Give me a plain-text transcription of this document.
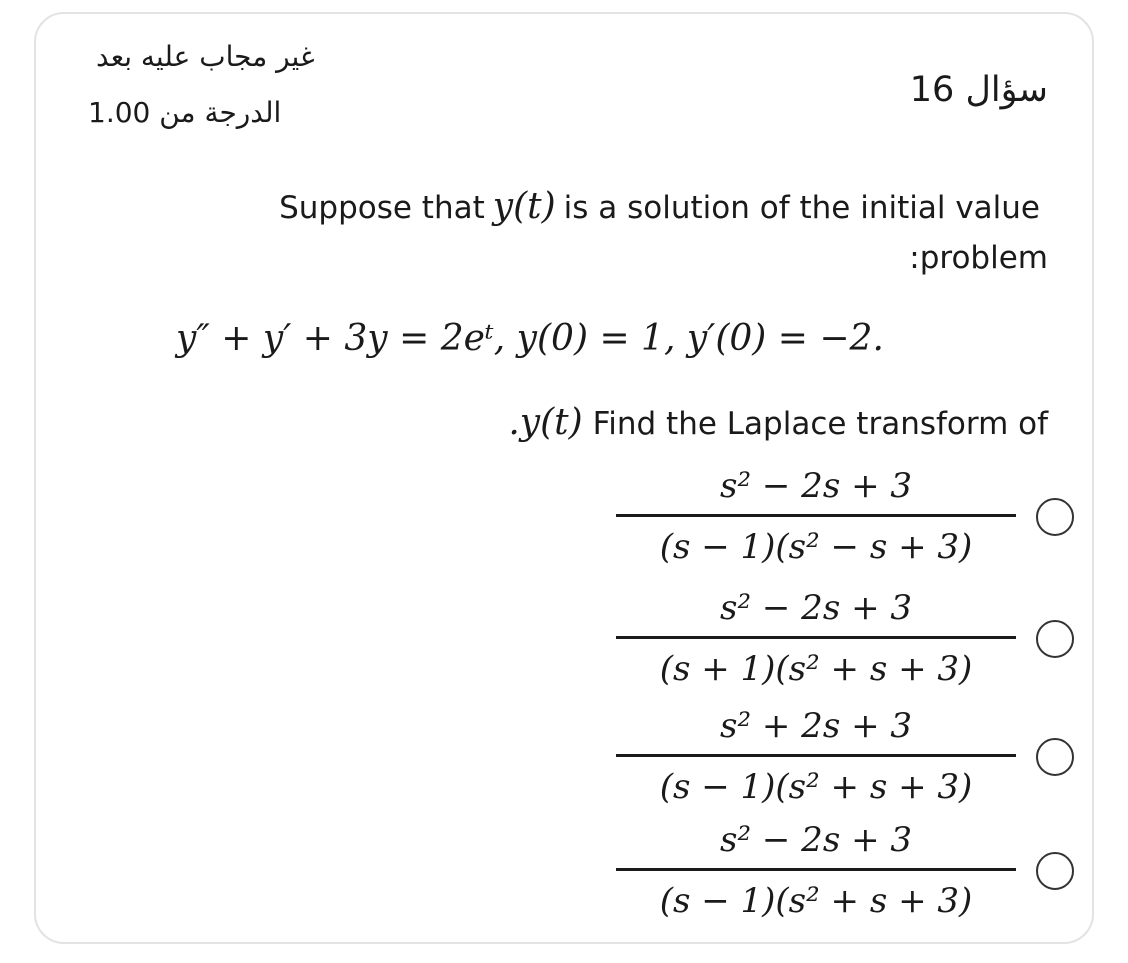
سؤال 16
غير مجاب عليه بعد
الدرجة من 1.00
Suppose that y(t) is a solution of the initial value
:problem
y″ + y′ + 3y = 2eᵗ, y(0) = 1, y′(0) = −2.
.y(t) Find the Laplace transform of
s² − 2s + 3
(s − 1)(s² − s + 3)
s² − 2s + 3
(s + 1)(s² + s + 3)
s² + 2s + 3
(s − 1)(s² + s + 3)
s² − 2s + 3
(s − 1)(s² + s + 3)
